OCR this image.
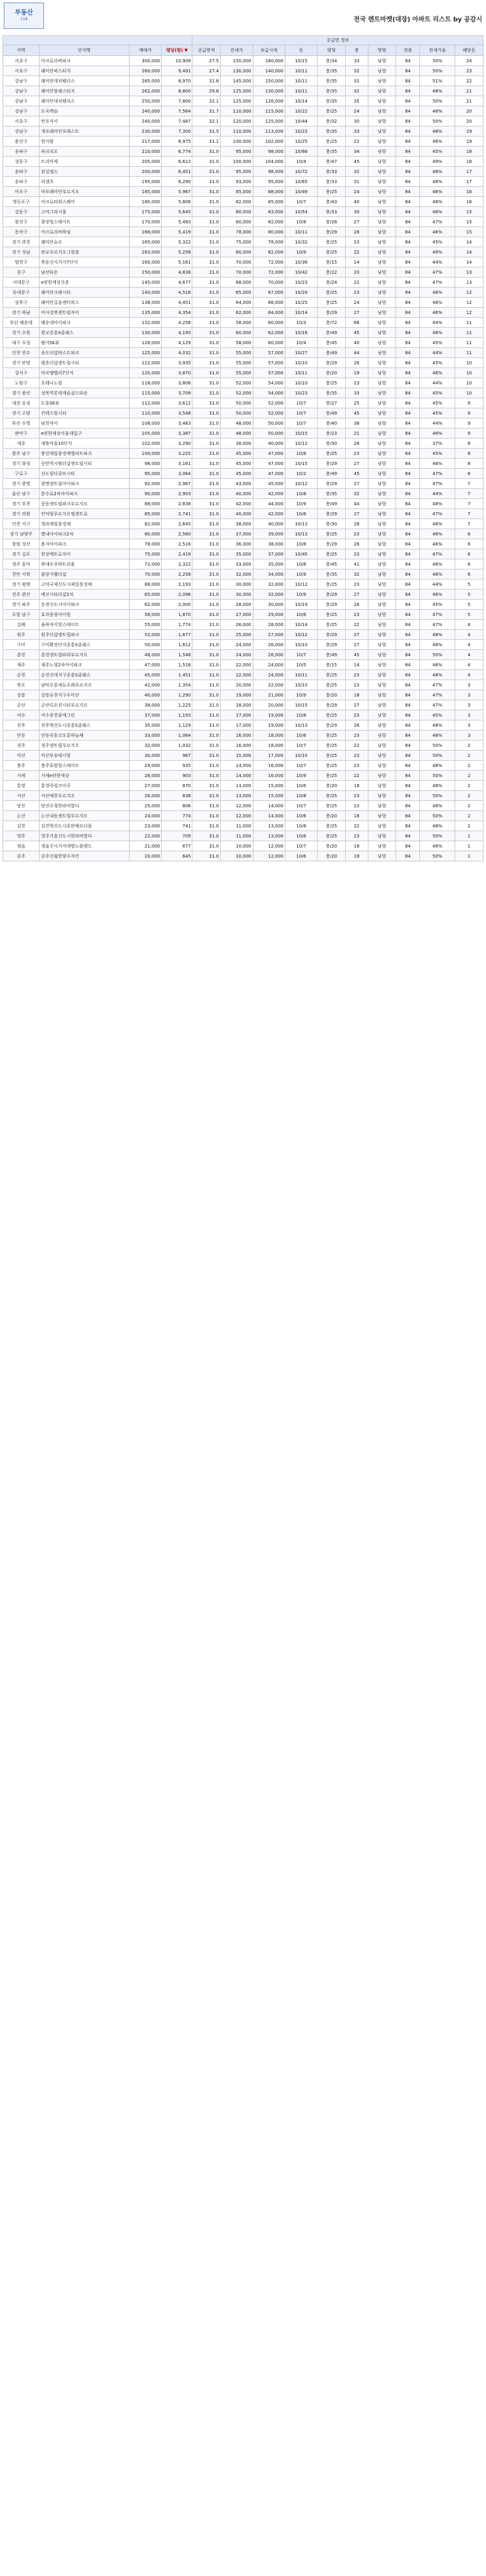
부동산
114	전국 렌트마켓(대장) 아파트 리스트 by 공감시
				공급면 정보									
지역	단지명	매매가	평당(평) ▼	공급면적	전세가	보급시세	동	평형	층	방향	전용	전세가율	해당등
서초구	아크로리버파크	300,000	10,909	27.5	150,000	160,000	10/15	충/34	33	남향	84	50%	24
서초구	래미안퍼스티지	260,000	9,491	27.4	130,000	140,000	10/11	충/35	32	남향	84	50%	23
강남구	래미안대치팰리스	285,000	8,970	31.8	145,000	150,000	10/11	충/35	31	남향	84	51%	22
강남구	래미안블레스티지	262,000	8,800	29.8	125,000	130,000	10/11	충/35	32	남향	84	48%	21
강남구	래미안대치팰리스	250,000	7,800	32.1	125,000	126,000	10/14	충/35	35	남향	84	50%	21
강남구	도곡렉슬	240,000	7,564	31.7	110,000	115,000	10/22	충/25	24	남향	84	46%	20
서초구	반포자이	240,000	7,487	32.1	120,000	125,000	10/44	충/32	30	남향	84	50%	20
강남구	개포래미안포레스트	230,000	7,300	31.5	110,000	113,000	10/23	충/35	33	남향	84	48%	19
용산구	한가람	217,000	6,975	31.1	100,000	102,000	10/25	충/25	22	남향	84	46%	19
송파구	파크리오	210,000	6,774	31.0	95,000	98,000	10/66	충/35	34	남향	84	45%	18
성동구	트리마제	205,000	6,612	31.0	100,000	104,000	10/4	충/47	45	남향	84	49%	18
송파구	잠실엘스	200,000	6,451	31.0	95,000	98,000	10/72	충/33	32	남향	84	48%	17
송파구	리센츠	195,000	6,290	31.0	93,000	95,000	10/65	충/33	31	남향	84	48%	17
마포구	마포래미안푸르지오	185,000	5,967	31.0	85,000	88,000	10/49	충/25	24	남향	84	46%	16
영등포구	아크로타워스퀘어	180,000	5,806	31.0	82,000	85,000	10/7	충/43	40	남향	84	46%	16
강동구	고덕그라시움	175,000	5,645	31.0	80,000	83,000	10/54	충/33	30	남향	84	46%	15
광진구	광장힐스테이트	170,000	5,483	31.0	80,000	82,000	10/8	충/28	27	남향	84	47%	15
동작구	아크로리버하임	168,000	5,419	31.0	78,000	80,000	10/11	충/29	28	남향	84	46%	15
경기 과천	래미안슈르	165,000	5,322	31.0	75,000	78,000	10/32	충/25	23	남향	84	45%	14
경기 성남	판교푸르지오그랑블	163,000	5,258	31.0	80,000	82,000	10/9	충/25	22	남향	84	49%	14
양천구	목동신시가지7단지	160,000	5,161	31.0	70,000	72,000	10/36	충/15	14	남향	84	44%	14
중구	남산타운	150,000	4,838	31.0	70,000	72,000	10/42	충/22	20	남향	84	47%	13
서대문구	e편한세상신촌	145,000	4,677	31.0	68,000	70,000	10/23	충/24	22	남향	84	47%	13
동대문구	래미안크레시티	140,000	4,516	31.0	65,000	67,000	10/29	충/25	23	남향	84	46%	12
성북구	래미안길음센터피스	138,000	4,451	31.0	64,000	66,000	10/25	충/25	24	남향	84	46%	12
경기 하남	미사강변센트럴자이	135,000	4,354	31.0	62,000	64,000	10/14	충/29	27	남향	84	46%	12
부산 해운대	해운대아이파크	132,000	4,258	31.0	58,000	60,000	10/3	충/72	66	남향	84	44%	11
경기 수원	광교중흥S클래스	130,000	4,193	31.0	60,000	62,000	10/16	충/49	45	남향	84	46%	11
대구 수성	범어SK뷰	128,000	4,129	31.0	58,000	60,000	10/4	충/45	40	남향	84	45%	11
인천 연수	송도더샵퍼스트파크	125,000	4,032	31.0	55,000	57,000	10/27	충/49	44	남향	84	44%	11
경기 안양	평촌더샵센트럴시티	122,000	3,935	31.0	55,000	57,000	10/10	충/29	26	남향	84	45%	10
강서구	마곡엠밸리7단지	120,000	3,870	31.0	55,000	57,000	10/11	충/20	19	남향	84	46%	10
노원구	포레나노원	118,000	3,806	31.0	52,000	54,000	10/10	충/25	23	남향	84	44%	10
경기 용인	성복역롯데캐슬골드타운	115,000	3,709	31.0	52,000	54,000	10/23	충/35	33	남향	84	45%	10
대전 유성	도룡SK뷰	112,000	3,612	31.0	50,000	52,000	10/7	충/27	25	남향	84	45%	9
경기 고양	킨텍스원시티	110,000	3,548	31.0	50,000	52,000	10/7	충/49	45	남향	84	45%	9
부산 수영	남천자이	108,000	3,483	31.0	48,000	50,000	10/7	충/40	38	남향	84	44%	9
관악구	e편한세상서울대입구	105,000	3,387	31.0	48,000	50,000	10/15	충/23	21	남향	84	46%	9
세종	새뜸마을10단지	102,000	3,290	31.0	38,000	40,000	10/12	충/30	28	남향	84	37%	8
광주 남구	봉선제일풍경채엘리트파크	100,000	3,225	31.0	45,000	47,000	10/8	충/25	23	남향	84	45%	8
경기 화성	동탄역시범더샵센트럴시티	98,000	3,161	31.0	45,000	47,000	10/15	충/29	27	남향	84	46%	8
구로구	신도림디큐브시티	95,000	3,064	31.0	45,000	47,000	10/2	충/49	45	남향	84	47%	8
경기 광명	광명센트럴아이파크	92,000	2,967	31.0	43,000	45,000	10/12	충/29	27	남향	84	47%	7
울산 남구	문수로2차아이파크	90,000	2,903	31.0	40,000	42,000	10/8	충/35	32	남향	84	44%	7
경기 부천	중동센트럴파크푸르지오	88,000	2,838	31.0	42,000	44,000	10/9	충/49	44	남향	84	48%	7
경기 의왕	인덕원푸르지오엘센트로	85,000	2,741	31.0	40,000	42,000	10/6	충/29	27	남향	84	47%	7
인천 서구	청라제일풍경채	82,000	2,645	31.0	38,000	40,000	10/13	충/30	28	남향	84	46%	7
경기 남양주	별내아이파크2차	80,000	2,580	31.0	37,000	39,000	10/13	충/25	23	남향	84	46%	6
창원 성산	용지아이파크	78,000	2,516	31.0	36,000	38,000	10/8	충/29	26	남향	84	46%	6
경기 김포	한강메트로자이	75,000	2,419	31.0	35,000	37,000	10/45	충/25	23	남향	84	47%	6
청주 흥덕	복대두진하트리움	72,000	2,322	31.0	33,000	35,000	10/8	충/45	41	남향	84	46%	6
천안 서북	불당지웰더샵	70,000	2,258	31.0	32,000	34,000	10/9	충/35	32	남향	84	46%	6
경기 평택	고덕국제신도시제일풍경채	68,000	2,193	31.0	30,000	32,000	10/12	충/25	23	남향	84	44%	5
전주 완산	에코시티더샵2차	65,000	2,096	31.0	30,000	32,000	10/9	충/29	27	남향	84	46%	5
경기 파주	운정신도시아이파크	62,000	2,000	31.0	28,000	30,000	10/19	충/29	26	남향	84	45%	5
포항 남구	효자풍림아이원	58,000	1,870	31.0	27,000	29,000	10/6	충/25	23	남향	84	47%	5
김해	율하자이힐스테이트	55,000	1,774	31.0	26,000	28,000	10/14	충/25	22	남향	84	47%	4
원주	원주더샵센트럴파크	52,000	1,677	31.0	25,000	27,000	10/12	충/29	27	남향	84	48%	4
구미	구미확장단지중흥S클래스	50,000	1,612	31.0	24,000	26,000	10/10	충/29	27	남향	84	48%	4
춘천	춘천센트럴타워푸르지오	48,000	1,548	31.0	24,000	26,000	10/7	충/49	45	남향	84	50%	4
제주	제주노형2차아이파크	47,000	1,516	31.0	22,000	24,000	10/5	충/15	14	남향	84	46%	4
순천	순천신대지구중흥S클래스	45,000	1,451	31.0	22,000	24,000	10/11	충/25	23	남향	84	48%	4
목포	남악오룡에듀포레푸르지오	42,000	1,354	31.0	20,000	22,000	10/10	충/25	23	남향	84	47%	3
강릉	강릉유천지구우미린	40,000	1,290	31.0	19,000	21,000	10/9	충/20	18	남향	84	47%	3
군산	군산디오션시티푸르지오	38,000	1,225	31.0	18,000	20,000	10/15	충/29	27	남향	84	47%	3
여수	여수웅천꿈에그린	37,000	1,193	31.0	17,000	19,000	10/8	충/25	23	남향	84	45%	3
진주	진주혁신도시중흥S클래스	35,000	1,129	31.0	17,000	19,000	10/13	충/29	26	남향	84	48%	3
안동	안동옥동코오롱하늘채	33,000	1,064	31.0	16,000	18,000	10/6	충/25	23	남향	84	48%	3
경주	경주센트럴푸르지오	32,000	1,032	31.0	16,000	18,000	10/7	충/25	22	남향	84	50%	2
익산	익산부송데시앙	30,000	967	31.0	15,000	17,000	10/10	충/25	23	남향	84	50%	2
충주	충주호암힐스테이트	29,000	935	31.0	14,000	16,000	10/7	충/25	23	남향	84	48%	2
거제	거제e편한세상	28,000	903	31.0	14,000	16,000	10/9	충/25	22	남향	84	50%	2
통영	통영죽림코아루	27,000	870	31.0	13,000	15,000	10/6	충/20	18	남향	84	48%	2
서산	서산예천푸르지오	26,000	838	31.0	13,000	15,000	10/8	충/25	23	남향	84	50%	2
당진	당진수청한라비발디	25,000	806	31.0	12,000	14,000	10/7	충/25	23	남향	84	48%	2
논산	논산내동센트럴푸르지오	24,000	774	31.0	12,000	14,000	10/6	충/20	18	남향	84	50%	2
김천	김천혁신도시호반베르디움	23,000	741	31.0	11,000	13,000	10/8	충/25	22	남향	84	48%	2
영주	영주가흥신도시한라비발디	22,000	709	31.0	11,000	13,000	10/6	충/25	23	남향	84	50%	1
정읍	정읍신시가지대방노블랜드	21,000	677	31.0	10,000	12,000	10/7	충/20	18	남향	84	48%	1
공주	공주신월한양수자인	20,000	645	31.0	10,000	12,000	10/6	충/20	19	남향	84	50%	1
